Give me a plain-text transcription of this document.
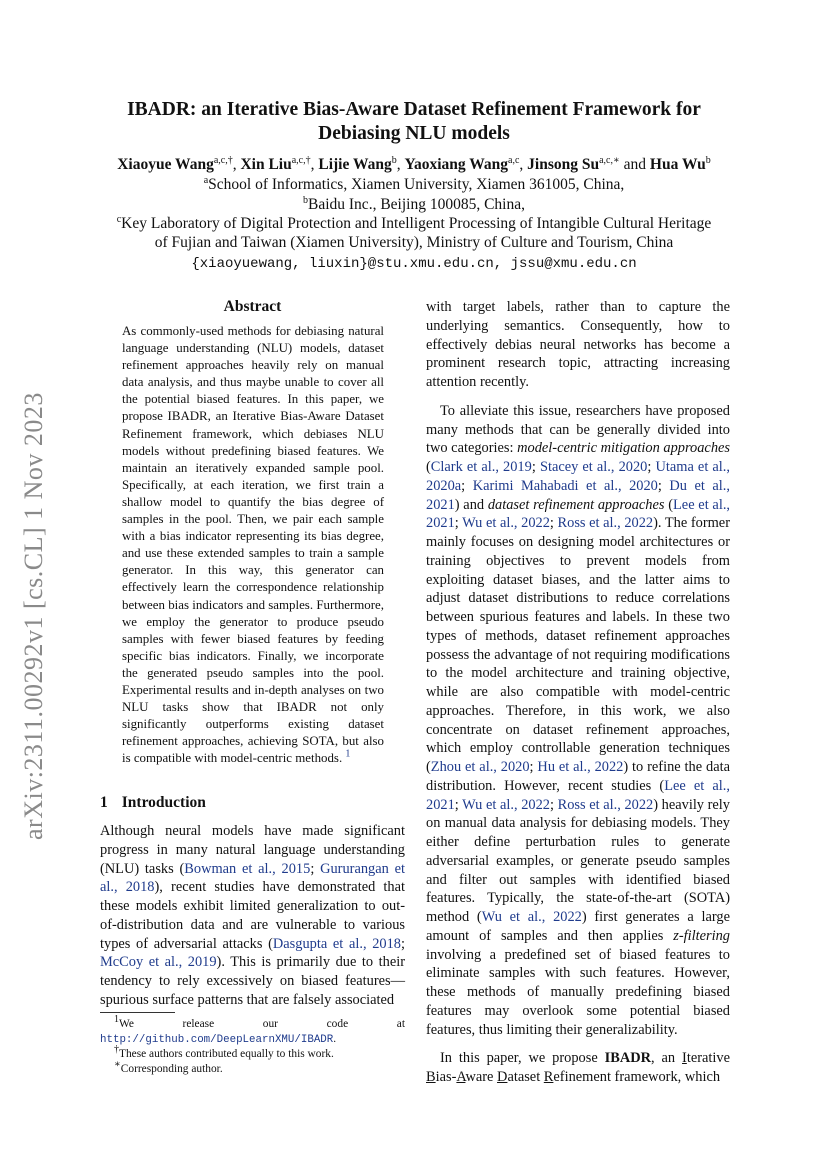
arXiv:2311.00292v1 [cs.CL] 1 Nov 2023
IBADR: an Iterative Bias-Aware Dataset Refinement Framework for
Debiasing NLU models
Xiaoyue Wang$^{a,c,\dagger}$, Xin Liu$^{a,c,\dagger}$, Lijie Wang$^b$, Yaoxiang Wang$^{a,c}$, Jinsong $Su^{a,c,∗}$ and Hua Wu$^b$
$^a$School of Informatics, Xiamen University, Xiamen 361005, China,
$^b$Baidu Inc., Beijing 100085, China,
$^c$Key Laboratory of Digital Protection and Intelligent Processing of Intangible Cultural Heritage
of Fujian and Taiwan (Xiamen University), Ministry of Culture and Tourism, China
{xiaoyuewang, liuxin}@stu.xmu.edu.cn, jssu@xmu.edu.cn
Abstract
As commonly-used methods for debiasing natural language understanding (NLU) models, dataset refinement approaches heavily rely on manual data analysis, and thus maybe unable to cover all the potential biased features. In this paper, we propose IBADR, an Iterative Bias-Aware Dataset Refinement framework, which debiases NLU models without predefining biased features. We maintain an iteratively expanded sample pool. Specifically, at each iteration, we first train a shallow model to quantify the bias degree of samples in the pool. Then, we pair each sample with a bias indicator representing its bias degree, and use these extended samples to train a sample generator. In this way, this generator can effectively learn the correspondence relationship between bias indicators and samples. Furthermore, we employ the generator to produce pseudo samples with fewer biased features by feeding specific bias indicators. Finally, we incorporate the generated pseudo samples into the pool. Experimental results and in-depth analyses on two NLU tasks show that IBADR not only significantly outperforms existing dataset refinement approaches, achieving SOTA, but also is compatible with model-centric methods. $^1$
1 Introduction

Although neural models have made significant progress in many natural language understanding (NLU) tasks (Bowman et al., 2015; Gururangan et al., 2018), recent studies have demonstrated that these models exhibit limited generalization to out-of-distribution data and are vulnerable to various types of adversarial attacks (Dasgupta et al., 2018; McCoy et al., 2019). This is primarily due to their tendency to rely excessively on biased features—spurious surface patterns that are falsely associated

$^1$We release our code at http://github.com/DeepLearnXMU/IBADR.
†These authors contributed equally to this work.
∗Corresponding author.

with target labels, rather than to capture the underlying semantics. Consequently, how to effectively debias neural networks has become a prominent research topic, attracting increasing attention recently.

To alleviate this issue, researchers have proposed many methods that can be generally divided into two categories: model-centric mitigation approaches (Clark et al., 2019; Stacey et al., 2020; Utama et al., 2020a; Karimi Mahabadi et al., 2020; Du et al., 2021) and dataset refinement approaches (Lee et al., 2021; Wu et al., 2022; Ross et al., 2022). The former mainly focuses on designing model architectures or training objectives to prevent models from exploiting dataset biases, and the latter aims to adjust dataset distributions to reduce correlations between spurious features and labels. In these two types of methods, dataset refinement approaches possess the advantage of not requiring modifications to the model architecture and training objective, while are also compatible with model-centric approaches. Therefore, in this work, we also concentrate on dataset refinement approaches, which employ controllable generation techniques (Zhou et al., 2020; Hu et al., 2022) to refine the data distribution. However, recent studies (Lee et al., 2021; Wu et al., 2022; Ross et al., 2022) heavily rely on manual data analysis for debiasing models. They either define perturbation rules to generate adversarial examples, or generate pseudo samples and filter out samples with identified biased features. Typically, the state-of-the-art (SOTA) method (Wu et al., 2022) first generates a large amount of samples and then applies z-filtering involving a predefined set of biased features to eliminate samples with such features. However, these methods of manually predefining biased features may overlook some potential biased features, thus limiting their generalizability.

In this paper, we propose IBADR, an Iterative Bias-Aware Dataset Refinement framework, which
